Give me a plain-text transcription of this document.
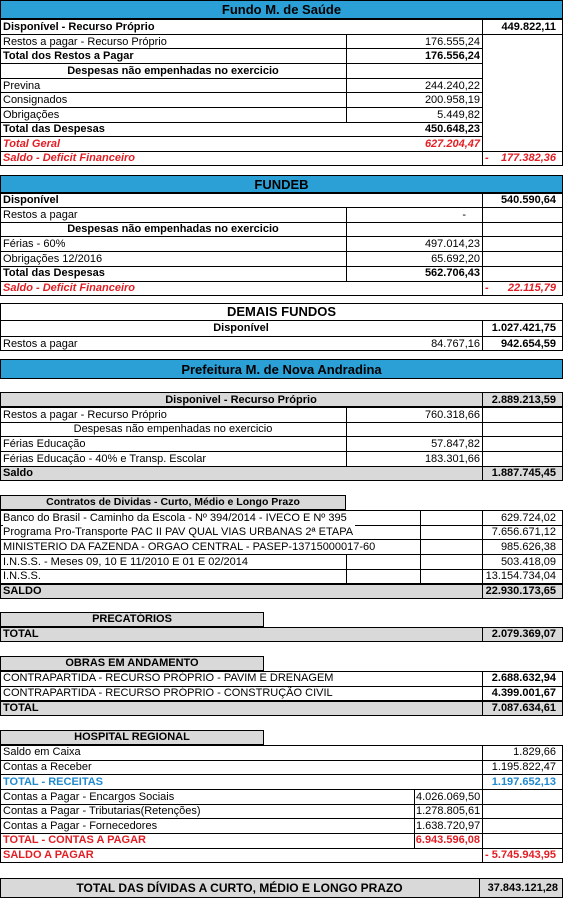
Fundo M. de Saúde
Disponível - Recurso Próprio	449.822,11
Restos a pagar - Recurso Próprio	176.555,24
Total dos Restos a Pagar	176.556,24
Despesas não empenhadas no exercicio
Previna	244.240,22
Consignados	200.958,19
Obrigações	5.449,82
Total das Despesas	450.648,23
Total Geral	627.204,47
Saldo - Deficit Financeiro	-	177.382,36
FUNDEB
Disponível	540.590,64
Restos a pagar	-
Despesas não empenhadas no exercicio
Férias - 60%	497.014,23
Obrigações 12/2016	65.692,20
Total das Despesas	562.706,43
Saldo - Deficit Financeiro	-	22.115,79
DEMAIS FUNDOS
Disponível	1.027.421,75
Restos a pagar	84.767,16	942.654,59
Prefeitura M. de Nova Andradina
Disponivel - Recurso Próprio	2.889.213,59
Restos a pagar - Recurso Próprio	760.318,66
Despesas não empenhadas no exercicio
Férias Educação	57.847,82
Férias Educação - 40% e Transp. Escolar	183.301,66
Saldo	1.887.745,45
Contratos de Dividas - Curto, Médio e Longo Prazo
Banco do Brasil - Caminho da Escola - Nº 394/2014 - IVECO E Nº 395	629.724,02
Programa Pro-Transporte PAC II PAV QUAL VIAS URBANAS 2ª ETAPA	7.656.671,12
MINISTERIO DA FAZENDA - ORGAO CENTRAL - PASEP-13715000017-60	985.626,38
I.N.S.S. - Meses 09, 10 E 11/2010 E 01 E 02/2014	503.418,09
I.N.S.S.	13.154.734,04
SALDO	22.930.173,65
PRECATÓRIOS
TOTAL	2.079.369,07
OBRAS EM ANDAMENTO
CONTRAPARTIDA - RECURSO PRÓPRIO - PAVIM E DRENAGEM	2.688.632,94
CONTRAPARTIDA - RECURSO PRÓPRIO - CONSTRUÇÃO CIVIL	4.399.001,67
TOTAL	7.087.634,61
HOSPITAL REGIONAL
Saldo em Caixa	1.829,66
Contas a Receber	1.195.822,47
TOTAL - RECEITAS	1.197.652,13
Contas a Pagar - Encargos Sociais	4.026.069,50
Contas a Pagar - Tributarias(Retenções)	1.278.805,61
Contas a Pagar - Fornecedores	1.638.720,97
TOTAL - CONTAS A PAGAR	6.943.596,08
SALDO A PAGAR	- 5.745.943,95
TOTAL DAS DÍVIDAS A CURTO, MÉDIO E LONGO PRAZO	37.843.121,28
